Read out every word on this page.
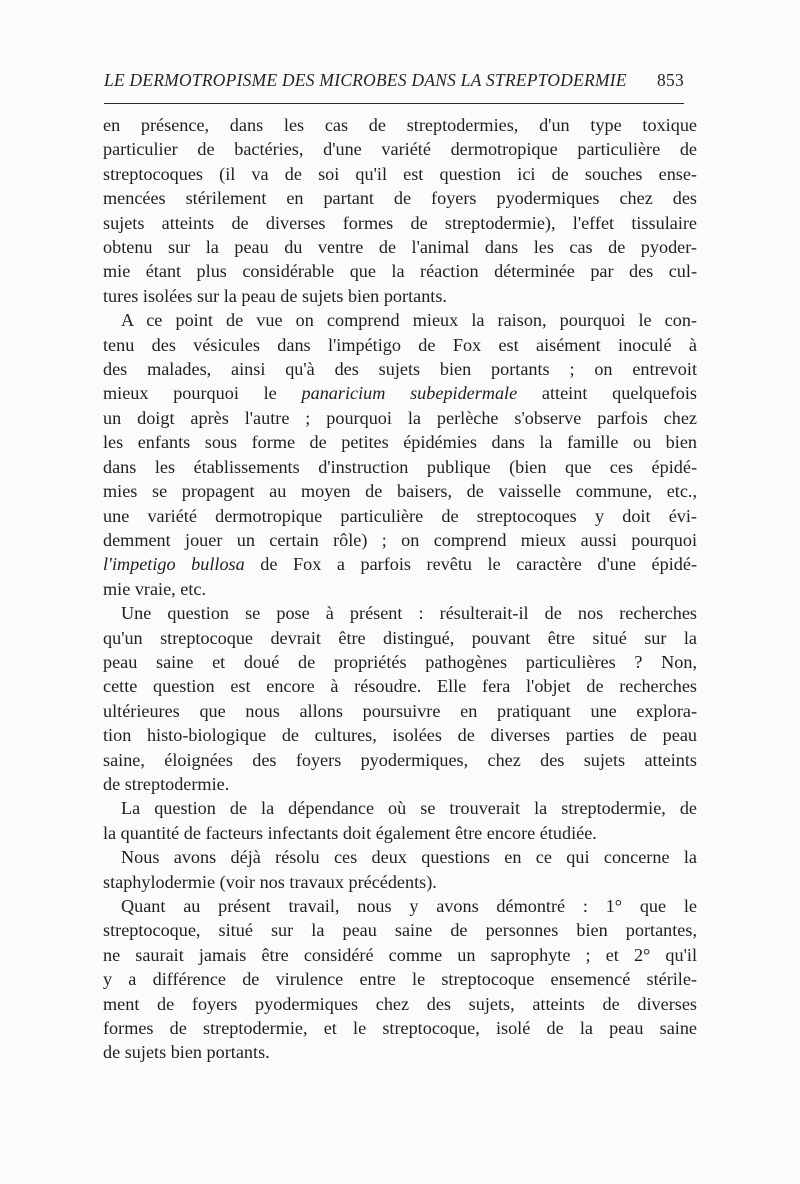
LE DERMOTROPISME DES MICROBES DANS LA STREPTODERMIE 853
en présence, dans les cas de streptodermies, d'un type toxique
particulier de bactéries, d'une variété dermotropique particulière de
streptocoques (il va de soi qu'il est question ici de souches ense-
mencées stérilement en partant de foyers pyodermiques chez des
sujets atteints de diverses formes de streptodermie), l'effet tissulaire
obtenu sur la peau du ventre de l'animal dans les cas de pyoder-
mie étant plus considérable que la réaction déterminée par des cul-
tures isolées sur la peau de sujets bien portants.
A ce point de vue on comprend mieux la raison, pourquoi le con-
tenu des vésicules dans l'impétigo de Fox est aisément inoculé à
des malades, ainsi qu'à des sujets bien portants ; on entrevoit
mieux pourquoi le panaricium subepidermale atteint quelquefois
un doigt après l'autre ; pourquoi la perlèche s'observe parfois chez
les enfants sous forme de petites épidémies dans la famille ou bien
dans les établissements d'instruction publique (bien que ces épidé-
mies se propagent au moyen de baisers, de vaisselle commune, etc.,
une variété dermotropique particulière de streptocoques y doit évi-
demment jouer un certain rôle) ; on comprend mieux aussi pourquoi
l'impetigo bullosa de Fox a parfois revêtu le caractère d'une épidé-
mie vraie, etc.
Une question se pose à présent : résulterait-il de nos recherches
qu'un streptocoque devrait être distingué, pouvant être situé sur la
peau saine et doué de propriétés pathogènes particulières ? Non,
cette question est encore à résoudre. Elle fera l'objet de recherches
ultérieures que nous allons poursuivre en pratiquant une explora-
tion histo-biologique de cultures, isolées de diverses parties de peau
saine, éloignées des foyers pyodermiques, chez des sujets atteints
de streptodermie.
La question de la dépendance où se trouverait la streptodermie, de
la quantité de facteurs infectants doit également être encore étudiée.
Nous avons déjà résolu ces deux questions en ce qui concerne la
staphylodermie (voir nos travaux précédents).
Quant au présent travail, nous y avons démontré : 1° que le
streptocoque, situé sur la peau saine de personnes bien portantes,
ne saurait jamais être considéré comme un saprophyte ; et 2° qu'il
y a différence de virulence entre le streptocoque ensemencé stérile-
ment de foyers pyodermiques chez des sujets, atteints de diverses
formes de streptodermie, et le streptocoque, isolé de la peau saine
de sujets bien portants.
